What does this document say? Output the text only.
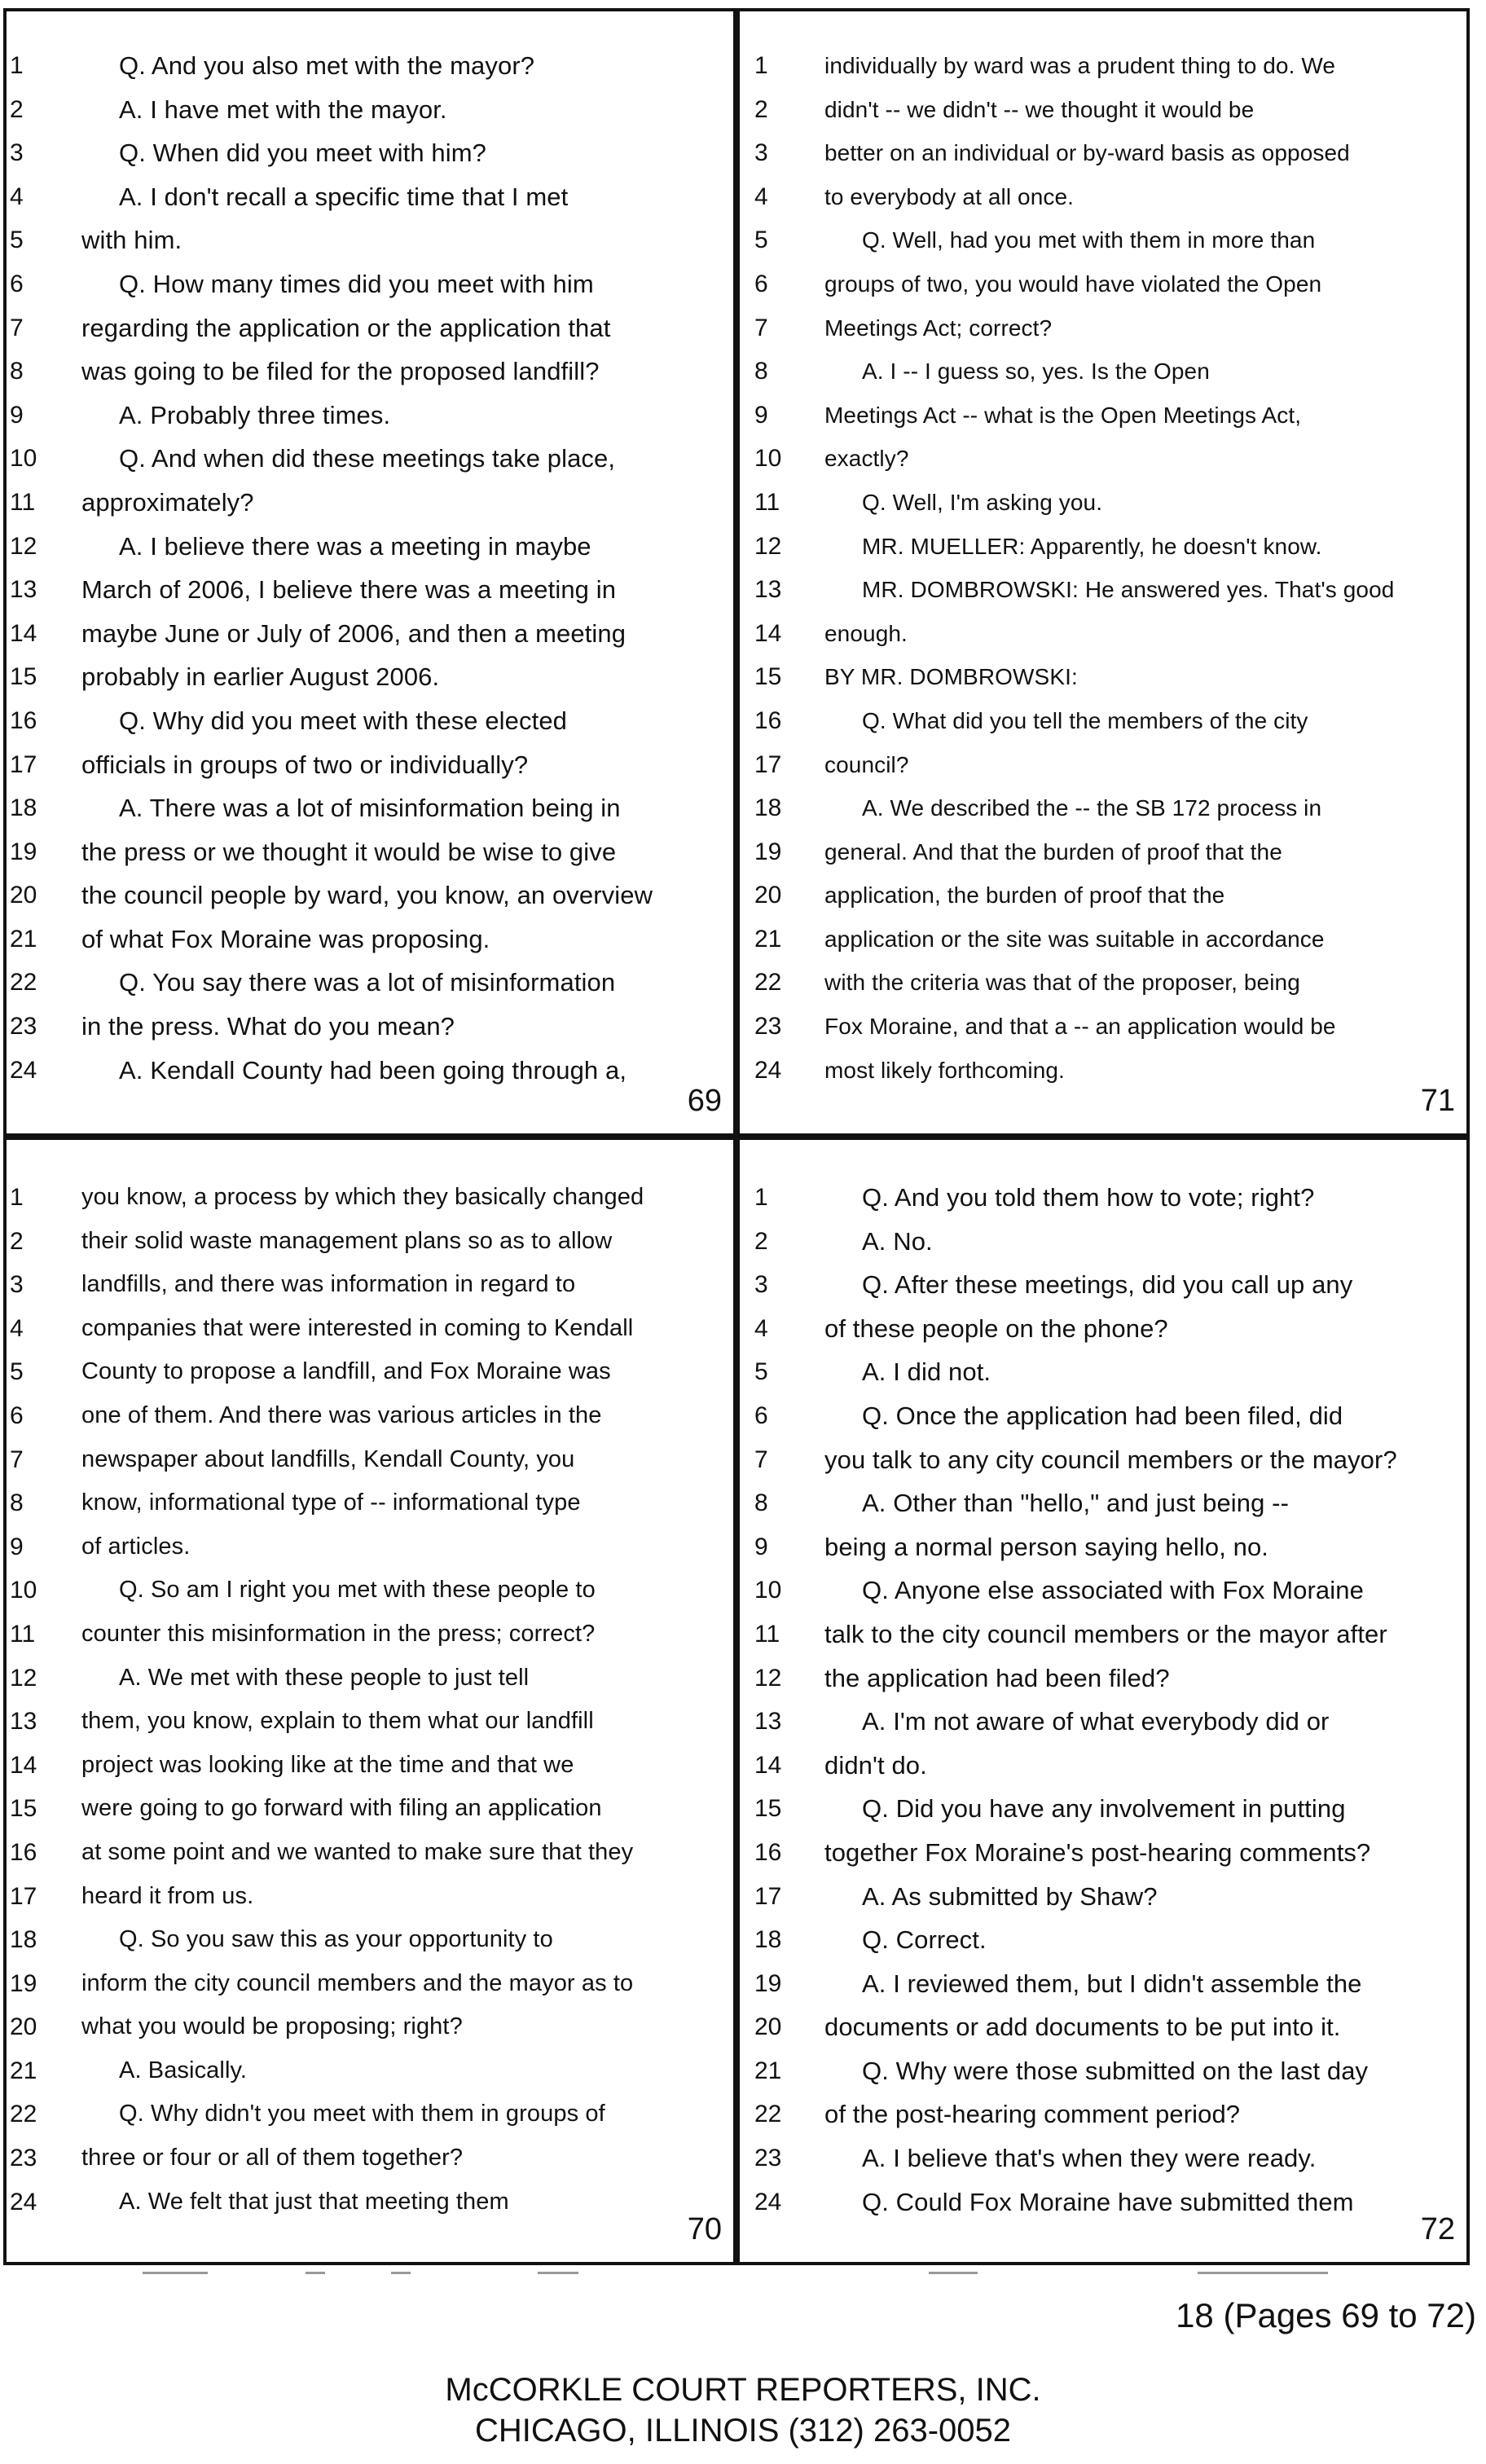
1	Q. And you also met with the mayor?
2	A. I have met with the mayor.
3	Q. When did you meet with him?
4	A. I don't recall a specific time that I met
5	with him.
6	Q. How many times did you meet with him
7	regarding the application or the application that
8	was going to be filed for the proposed landfill?
9	A. Probably three times.
10	Q. And when did these meetings take place,
11	approximately?
12	A. I believe there was a meeting in maybe
13	March of 2006, I believe there was a meeting in
14	maybe June or July of 2006, and then a meeting
15	probably in earlier August 2006.
16	Q. Why did you meet with these elected
17	officials in groups of two or individually?
18	A. There was a lot of misinformation being in
19	the press or we thought it would be wise to give
20	the council people by ward, you know, an overview
21	of what Fox Moraine was proposing.
22	Q. You say there was a lot of misinformation
23	in the press. What do you mean?
24	A. Kendall County had been going through a,
69
1	individually by ward was a prudent thing to do. We
2	didn't -- we didn't -- we thought it would be
3	better on an individual or by-ward basis as opposed
4	to everybody at all once.
5	Q. Well, had you met with them in more than
6	groups of two, you would have violated the Open
7	Meetings Act; correct?
8	A. I -- I guess so, yes. Is the Open
9	Meetings Act -- what is the Open Meetings Act,
10	exactly?
11	Q. Well, I'm asking you.
12	MR. MUELLER: Apparently, he doesn't know.
13	MR. DOMBROWSKI: He answered yes. That's good
14	enough.
15	BY MR. DOMBROWSKI:
16	Q. What did you tell the members of the city
17	council?
18	A. We described the -- the SB 172 process in
19	general. And that the burden of proof that the
20	application, the burden of proof that the
21	application or the site was suitable in accordance
22	with the criteria was that of the proposer, being
23	Fox Moraine, and that a -- an application would be
24	most likely forthcoming.
71
1	you know, a process by which they basically changed
2	their solid waste management plans so as to allow
3	landfills, and there was information in regard to
4	companies that were interested in coming to Kendall
5	County to propose a landfill, and Fox Moraine was
6	one of them. And there was various articles in the
7	newspaper about landfills, Kendall County, you
8	know, informational type of -- informational type
9	of articles.
10	Q. So am I right you met with these people to
11	counter this misinformation in the press; correct?
12	A. We met with these people to just tell
13	them, you know, explain to them what our landfill
14	project was looking like at the time and that we
15	were going to go forward with filing an application
16	at some point and we wanted to make sure that they
17	heard it from us.
18	Q. So you saw this as your opportunity to
19	inform the city council members and the mayor as to
20	what you would be proposing; right?
21	A. Basically.
22	Q. Why didn't you meet with them in groups of
23	three or four or all of them together?
24	A. We felt that just that meeting them
70
1	Q. And you told them how to vote; right?
2	A. No.
3	Q. After these meetings, did you call up any
4	of these people on the phone?
5	A. I did not.
6	Q. Once the application had been filed, did
7	you talk to any city council members or the mayor?
8	A. Other than "hello," and just being --
9	being a normal person saying hello, no.
10	Q. Anyone else associated with Fox Moraine
11	talk to the city council members or the mayor after
12	the application had been filed?
13	A. I'm not aware of what everybody did or
14	didn't do.
15	Q. Did you have any involvement in putting
16	together Fox Moraine's post-hearing comments?
17	A. As submitted by Shaw?
18	Q. Correct.
19	A. I reviewed them, but I didn't assemble the
20	documents or add documents to be put into it.
21	Q. Why were those submitted on the last day
22	of the post-hearing comment period?
23	A. I believe that's when they were ready.
24	Q. Could Fox Moraine have submitted them
72
18 (Pages 69 to 72)
McCORKLE COURT REPORTERS, INC.
CHICAGO, ILLINOIS (312) 263-0052
